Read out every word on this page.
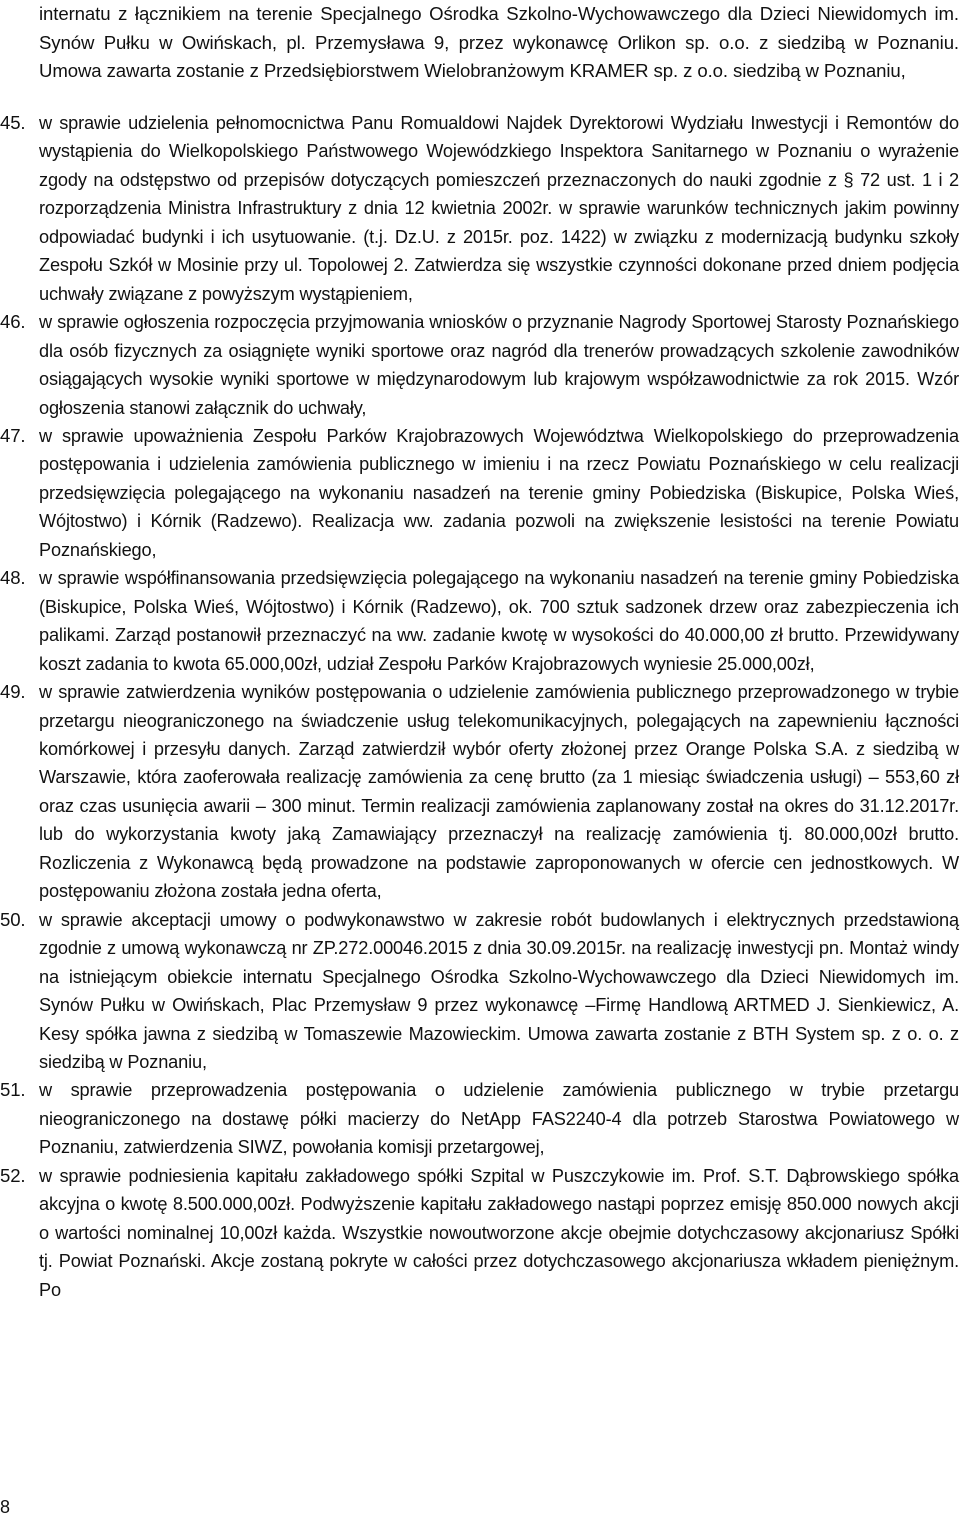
internatu z łącznikiem na terenie Specjalnego Ośrodka Szkolno-Wychowawczego dla Dzieci Niewidomych im. Synów Pułku w Owińskach, pl. Przemysława 9, przez wykonawcę Orlikon sp. o.o. z siedzibą w Poznaniu. Umowa zawarta zostanie z Przedsiębiorstwem Wielobranżowym KRAMER sp. z o.o. siedzibą w Poznaniu,
45. w sprawie udzielenia pełnomocnictwa Panu Romualdowi Najdek Dyrektorowi Wydziału Inwestycji i Remontów do wystąpienia do Wielkopolskiego Państwowego Wojewódzkiego Inspektora Sanitarnego w Poznaniu o wyrażenie zgody na odstępstwo od przepisów dotyczących pomieszczeń przeznaczonych do nauki zgodnie z § 72 ust. 1 i 2 rozporządzenia Ministra Infrastruktury z dnia 12 kwietnia 2002r. w sprawie warunków technicznych jakim powinny odpowiadać budynki i ich usytuowanie. (t.j. Dz.U. z 2015r. poz. 1422) w związku z modernizacją budynku szkoły Zespołu Szkół w Mosinie przy ul. Topolowej 2. Zatwierdza się wszystkie czynności dokonane przed dniem podjęcia uchwały związane z powyższym wystąpieniem,
46. w sprawie ogłoszenia rozpoczęcia przyjmowania wniosków o przyznanie Nagrody Sportowej Starosty Poznańskiego dla osób fizycznych za osiągnięte wyniki sportowe oraz nagród dla trenerów prowadzących szkolenie zawodników osiągających wysokie wyniki sportowe w międzynarodowym lub krajowym współzawodnictwie za rok 2015. Wzór ogłoszenia stanowi załącznik do uchwały,
47. w sprawie upoważnienia Zespołu Parków Krajobrazowych Województwa Wielkopolskiego do przeprowadzenia postępowania i udzielenia zamówienia publicznego w imieniu i na rzecz Powiatu Poznańskiego w celu realizacji przedsięwzięcia polegającego na wykonaniu nasadzeń na terenie gminy Pobiedziska (Biskupice, Polska Wieś, Wójtostwo) i Kórnik (Radzewo). Realizacja ww. zadania pozwoli na zwiększenie lesistości na terenie Powiatu Poznańskiego,
48. w sprawie współfinansowania przedsięwzięcia polegającego na wykonaniu nasadzeń na terenie gminy Pobiedziska (Biskupice, Polska Wieś, Wójtostwo) i Kórnik (Radzewo), ok. 700 sztuk sadzonek drzew oraz zabezpieczenia ich palikami. Zarząd postanowił przeznaczyć na ww. zadanie kwotę w wysokości do 40.000,00 zł brutto. Przewidywany koszt zadania to kwota 65.000,00zł, udział Zespołu Parków Krajobrazowych wyniesie 25.000,00zł,
49. w sprawie zatwierdzenia wyników postępowania o udzielenie zamówienia publicznego przeprowadzonego w trybie przetargu nieograniczonego na świadczenie usług telekomunikacyjnych, polegających na zapewnieniu łączności komórkowej i przesyłu danych. Zarząd zatwierdził wybór oferty złożonej przez Orange Polska S.A. z siedzibą w Warszawie, która zaoferowała realizację zamówienia za cenę brutto (za 1 miesiąc świadczenia usługi) – 553,60 zł oraz czas usunięcia awarii – 300 minut. Termin realizacji zamówienia zaplanowany został na okres do 31.12.2017r. lub do wykorzystania kwoty jaką Zamawiający przeznaczył na realizację zamówienia tj. 80.000,00zł brutto. Rozliczenia z Wykonawcą będą prowadzone na podstawie zaproponowanych w ofercie cen jednostkowych. W postępowaniu złożona została jedna oferta,
50. w sprawie akceptacji umowy o podwykonawstwo w zakresie robót budowlanych i elektrycznych przedstawioną zgodnie z umową wykonawczą nr ZP.272.00046.2015 z dnia 30.09.2015r. na realizację inwestycji pn. Montaż windy na istniejącym obiekcie internatu Specjalnego Ośrodka Szkolno-Wychowawczego dla Dzieci Niewidomych im. Synów Pułku w Owińskach, Plac Przemysław 9 przez wykonawcę –Firmę Handlową ARTMED J. Sienkiewicz, A. Kesy spółka jawna z siedzibą w Tomaszewie Mazowieckim. Umowa zawarta zostanie z BTH System sp. z o. o. z siedzibą w Poznaniu,
51. w sprawie przeprowadzenia postępowania o udzielenie zamówienia publicznego w trybie przetargu nieograniczonego na dostawę półki macierzy do NetApp FAS2240-4 dla potrzeb Starostwa Powiatowego w Poznaniu, zatwierdzenia SIWZ, powołania komisji przetargowej,
52. w sprawie podniesienia kapitału zakładowego spółki Szpital w Puszczykowie im. Prof. S.T. Dąbrowskiego spółka akcyjna o kwotę 8.500.000,00zł. Podwyższenie kapitału zakładowego nastąpi poprzez emisję 850.000 nowych akcji o wartości nominalnej 10,00zł każda. Wszystkie nowoutworzone akcje obejmie dotychczasowy akcjonariusz Spółki tj. Powiat Poznański. Akcje zostaną pokryte w całości przez dotychczasowego akcjonariusza wkładem pieniężnym. Po
8
